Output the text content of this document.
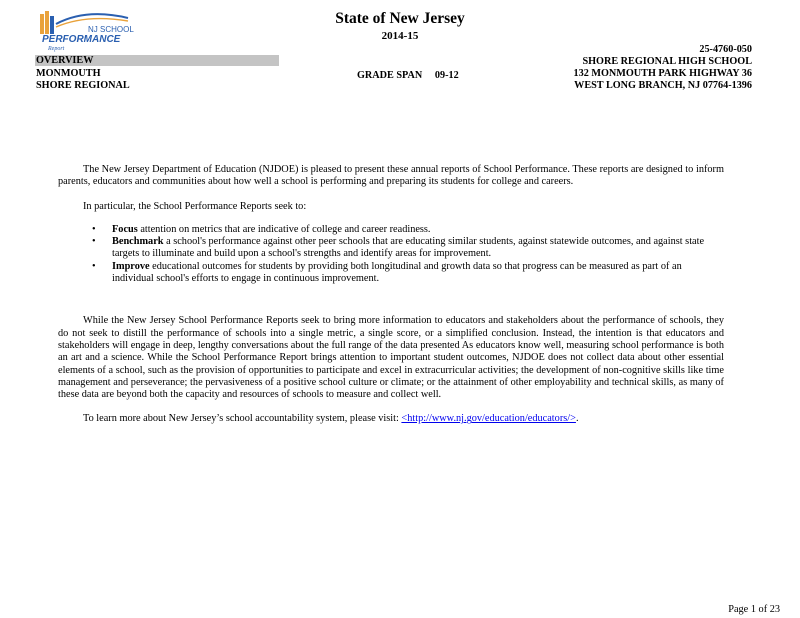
NJ SCHOOL
PERFORMANCE
Report
State of New Jersey
2014-15
OVERVIEW
MONMOUTH
SHORE REGIONAL
GRADE SPAN 09-12
25-4760-050
SHORE REGIONAL HIGH SCHOOL
132 MONMOUTH PARK HIGHWAY 36
WEST LONG BRANCH, NJ 07764-1396

The New Jersey Department of Education (NJDOE) is pleased to present these annual reports of School Performance. These reports are designed to inform parents, educators and communities about how well a school is performing and preparing its students for college and careers.

In particular, the School Performance Reports seek to:

• Focus attention on metrics that are indicative of college and career readiness.
• Benchmark a school's performance against other peer schools that are educating similar students, against statewide outcomes, and against state targets to illuminate and build upon a school's strengths and identify areas for improvement.
• Improve educational outcomes for students by providing both longitudinal and growth data so that progress can be measured as part of an individual school's efforts to engage in continuous improvement.

While the New Jersey School Performance Reports seek to bring more information to educators and stakeholders about the performance of schools, they do not seek to distill the performance of schools into a single metric, a single score, or a simplified conclusion. Instead, the intention is that educators and stakeholders will engage in deep, lengthy conversations about the full range of the data presented As educators know well, measuring school performance is both an art and a science. While the School Performance Report brings attention to important student outcomes, NJDOE does not collect data about other essential elements of a school, such as the provision of opportunities to participate and excel in extracurricular activities; the development of non-cognitive skills like time management and perseverance; the pervasiveness of a positive school culture or climate; or the attainment of other employability and technical skills, as many of these data are beyond both the capacity and resources of schools to measure and collect well.

To learn more about New Jersey’s school accountability system, please visit: <http://www.nj.gov/education/educators/>.

Page 1 of 23
